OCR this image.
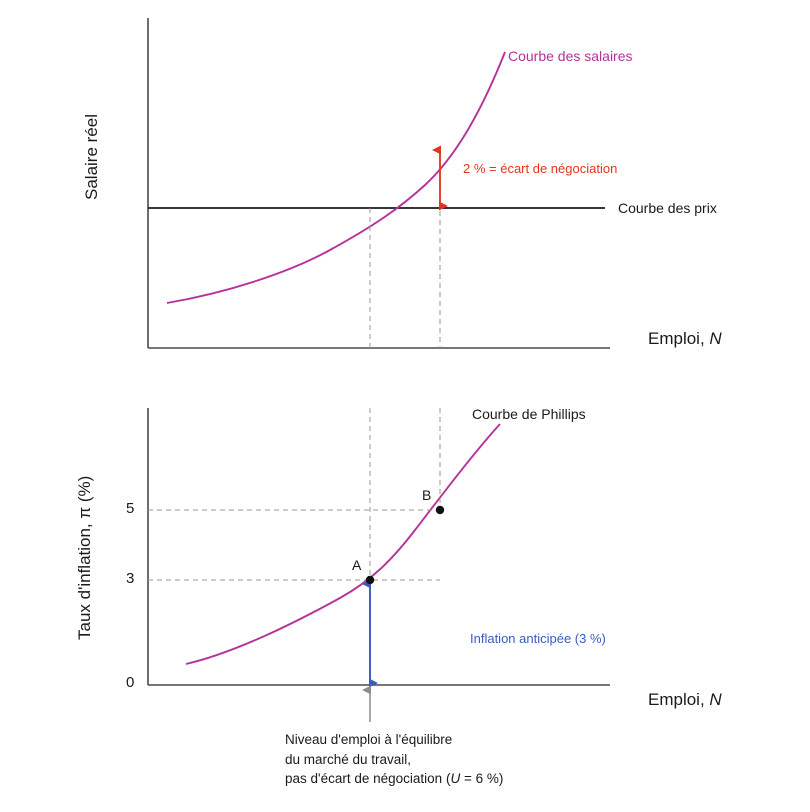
Salaire réel
Courbe des salaires
Courbe des prix
2 % = écart de négociation
Emploi, N
Taux d'inflation, π (%)
Courbe de Phillips
Inflation anticipée (3 %)
5
3
0
A
B
Emploi, N
Niveau d'emploi à l'équilibre
du marché du travail,
pas d'écart de négociation (U = 6 %)
